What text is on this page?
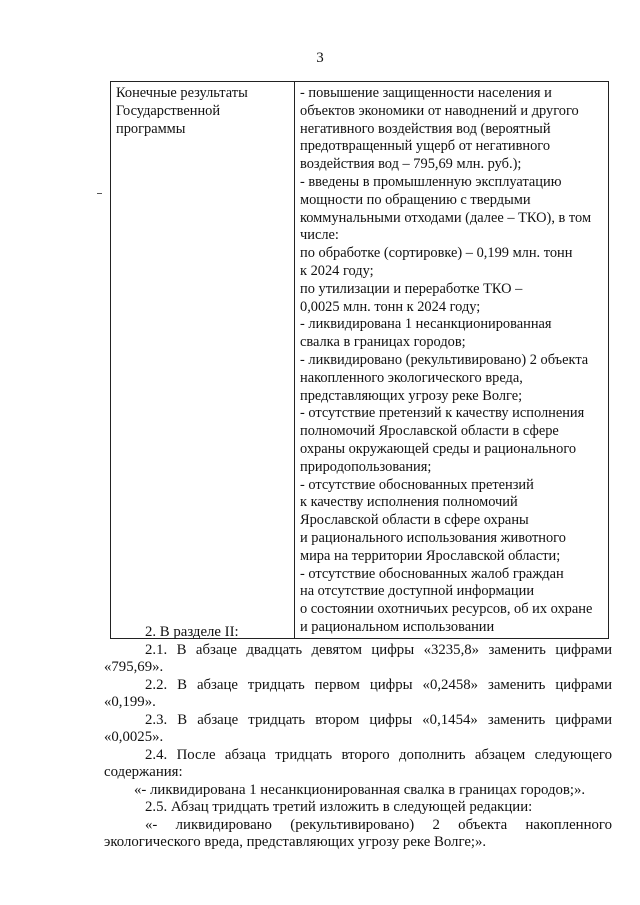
3
Конечные результаты
Государственной
программы

- повышение защищенности населения и
объектов экономики от наводнений и другого
негативного воздействия вод (вероятный
предотвращенный ущерб от негативного
воздействия вод – 795,69 млн. руб.);
- введены в промышленную эксплуатацию
мощности по обращению с твердыми
коммунальными отходами (далее – ТКО), в том
числе:
по обработке (сортировке) – 0,199 млн. тонн
к 2024 году;
по утилизации и переработке ТКО –
0,0025 млн. тонн к 2024 году;
- ликвидирована 1 несанкционированная
свалка в границах городов;
- ликвидировано (рекультивировано) 2 объекта
накопленного экологического вреда,
представляющих угрозу реке Волге;
- отсутствие претензий к качеству исполнения
полномочий Ярославской области в сфере
охраны окружающей среды и рационального
природопользования;
- отсутствие обоснованных претензий
к качеству исполнения полномочий
Ярославской области в сфере охраны
и рационального использования животного
мира на территории Ярославской области;
- отсутствие обоснованных жалоб граждан
на отсутствие доступной информации
о состоянии охотничьих ресурсов, об их охране
и рациональном использовании
2. В разделе II:
2.1. В абзаце двадцать девятом цифры «3235,8» заменить цифрами
«795,69».
2.2. В абзаце тридцать первом цифры «0,2458» заменить цифрами
«0,199».
2.3. В абзаце тридцать втором цифры «0,1454» заменить цифрами
«0,0025».
2.4. После абзаца тридцать второго дополнить абзацем следующего
содержания:
«- ликвидирована 1 несанкционированная свалка в границах городов;».
2.5. Абзац тридцать третий изложить в следующей редакции:
«- ликвидировано (рекультивировано) 2 объекта накопленного
экологического вреда, представляющих угрозу реке Волге;».
